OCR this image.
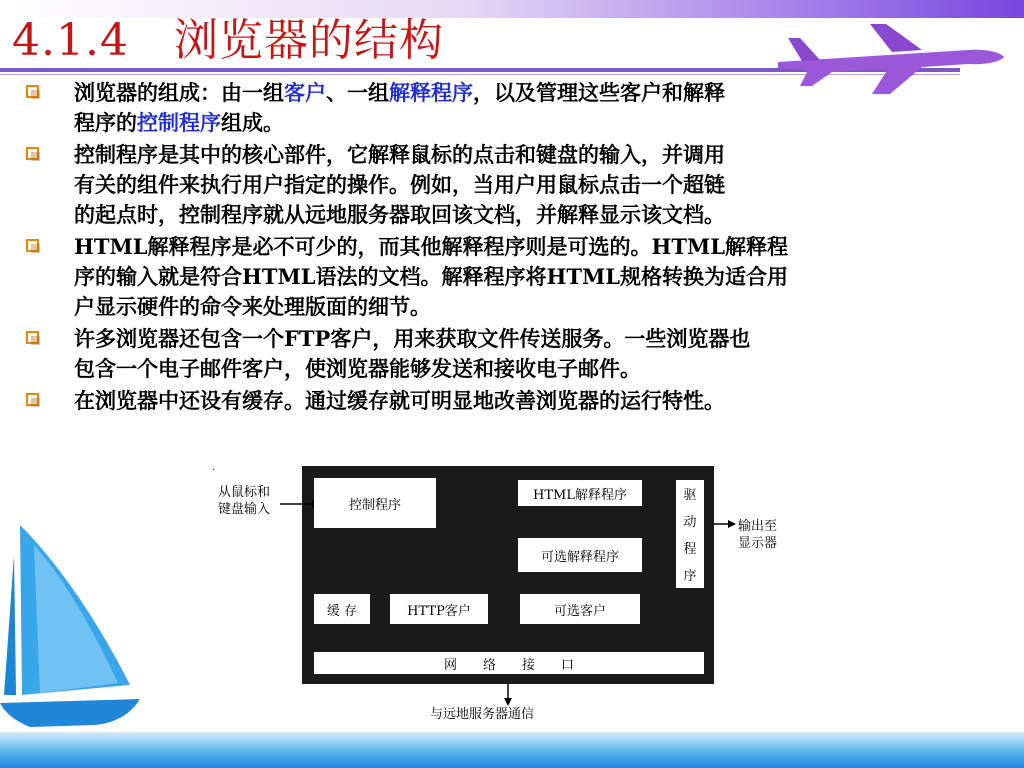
4.1.4　浏览器的结构
浏览器的组成：由一组客户、一组解释程序，以及管理这些客户和解释
程序的控制程序组成。
控制程序是其中的核心部件，它解释鼠标的点击和键盘的输入，并调用
有关的组件来执行用户指定的操作。例如，当用户用鼠标点击一个超链
的起点时，控制程序就从远地服务器取回该文档，并解释显示该文档。
HTML解释程序是必不可少的，而其他解释程序则是可选的。HTML解释程
序的输入就是符合HTML语法的文档。解释程序将HTML规格转换为适合用
户显示硬件的命令来处理版面的细节。
许多浏览器还包含一个FTP客户，用来获取文件传送服务。一些浏览器也
包含一个电子邮件客户，使浏览器能够发送和接收电子邮件。
在浏览器中还设有缓存。通过缓存就可明显地改善浏览器的运行特性。
.
从鼠标和
键盘输入	控制程序
HTML解释程序
可选解释程序
驱
动
程
序
输出至
显示器
缓 存	HTTP客户	可选客户
网　　络　　接　　口
与远地服务器通信
